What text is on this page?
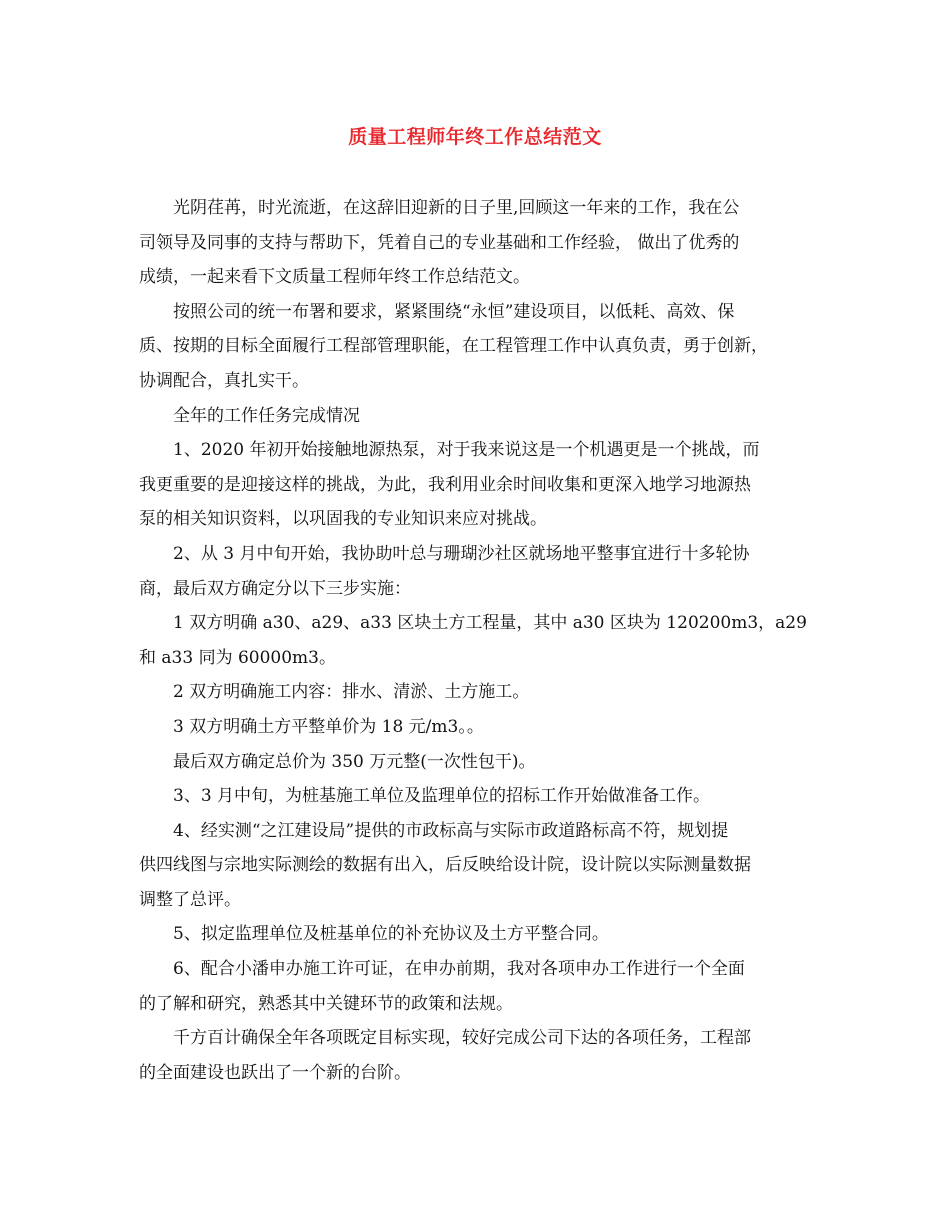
质量工程师年终工作总结范文
光阴荏苒，时光流逝，在这辞旧迎新的日子里,回顾这一年来的工作，我在公
司领导及同事的支持与帮助下，凭着自己的专业基础和工作经验， 做出了优秀的
成绩，一起来看下文质量工程师年终工作总结范文。
按照公司的统一布署和要求，紧紧围绕“永恒”建设项目，以低耗、高效、保
质、按期的目标全面履行工程部管理职能，在工程管理工作中认真负责，勇于创新，
协调配合，真扎实干。
全年的工作任务完成情况
1、2020 年初开始接触地源热泵，对于我来说这是一个机遇更是一个挑战，而
我更重要的是迎接这样的挑战，为此，我利用业余时间收集和更深入地学习地源热
泵的相关知识资料，以巩固我的专业知识来应对挑战。
2、从 3 月中旬开始，我协助叶总与珊瑚沙社区就场地平整事宜进行十多轮协
商，最后双方确定分以下三步实施：
1 双方明确 a30、a29、a33 区块土方工程量，其中 a30 区块为 120200m3，a29
和 a33 同为 60000m3。
2 双方明确施工内容：排水、清淤、土方施工。
3 双方明确土方平整单价为 18 元/m3。。
最后双方确定总价为 350 万元整(一次性包干)。
3、3 月中旬，为桩基施工单位及监理单位的招标工作开始做准备工作。
4、经实测“之江建设局”提供的市政标高与实际市政道路标高不符，规划提
供四线图与宗地实际测绘的数据有出入，后反映给设计院，设计院以实际测量数据
调整了总评。
5、拟定监理单位及桩基单位的补充协议及土方平整合同。
6、配合小潘申办施工许可证，在申办前期，我对各项申办工作进行一个全面
的了解和研究，熟悉其中关键环节的政策和法规。
千方百计确保全年各项既定目标实现，较好完成公司下达的各项任务，工程部
的全面建设也跃出了一个新的台阶。
